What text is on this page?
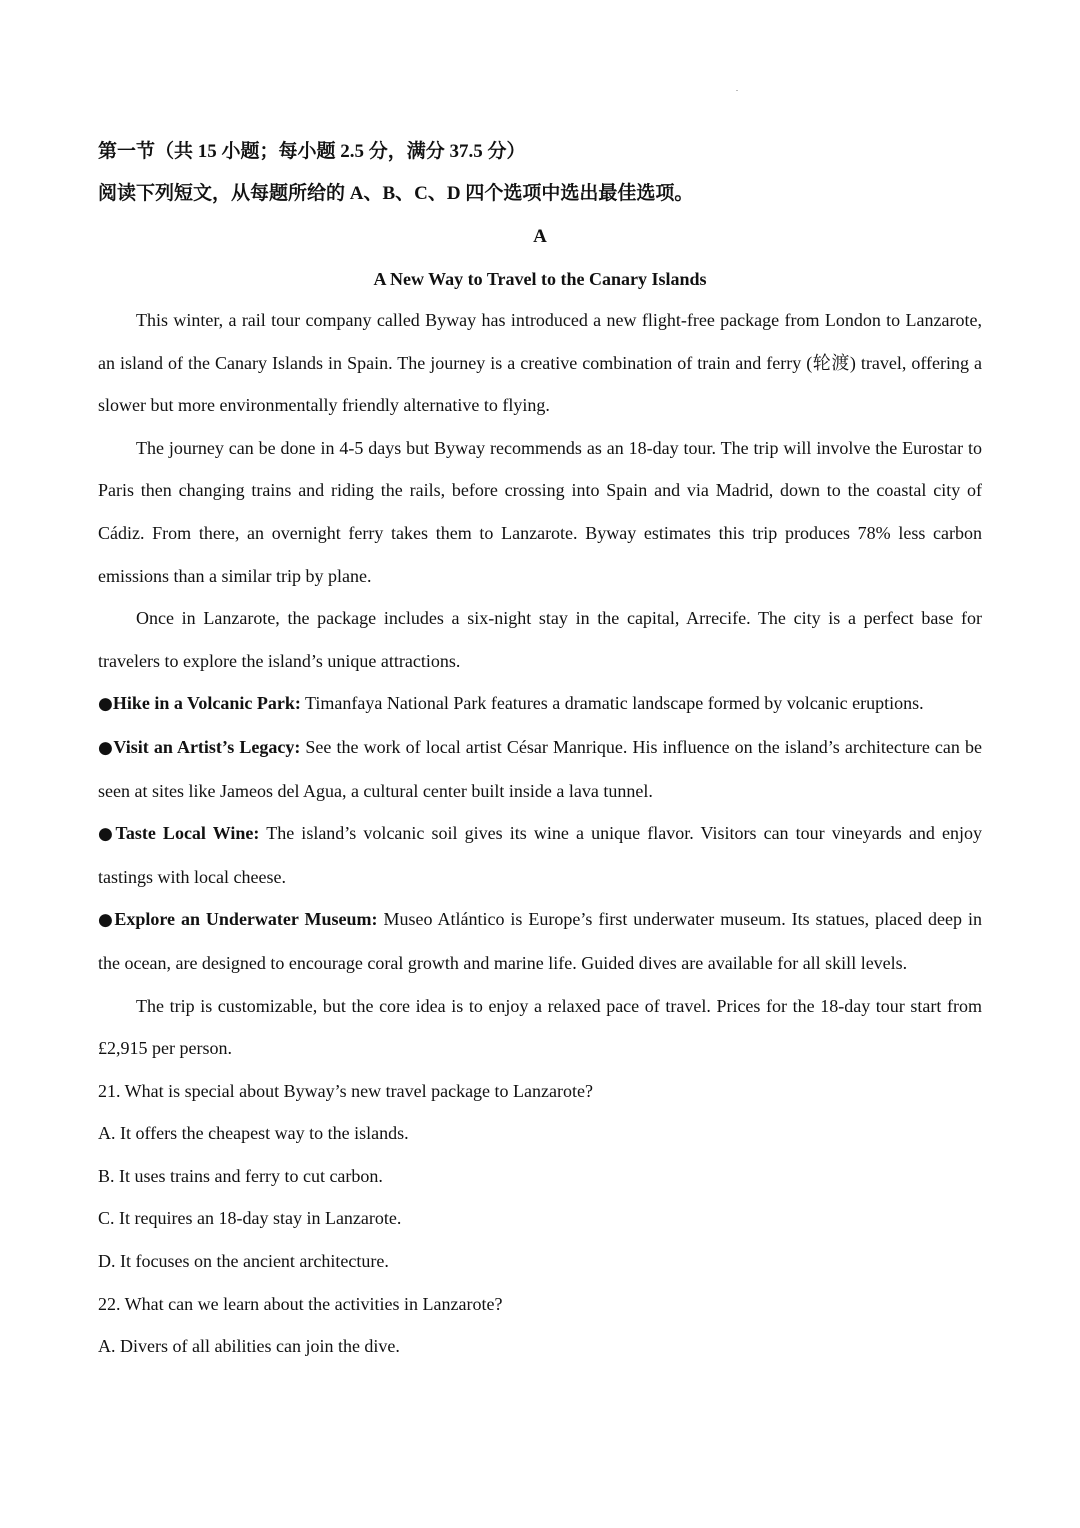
第一节（共 15 小题；每小题 2.5 分，满分 37.5 分）
阅读下列短文，从每题所给的 A、B、C、D 四个选项中选出最佳选项。
A
A New Way to Travel to the Canary Islands

This winter, a rail tour company called Byway has introduced a new flight-free package from London to Lanzarote, an island of the Canary Islands in Spain. The journey is a creative combination of train and ferry (轮渡) travel, offering a slower but more environmentally friendly alternative to flying.

The journey can be done in 4-5 days but Byway recommends as an 18-day tour. The trip will involve the Eurostar to Paris then changing trains and riding the rails, before crossing into Spain and via Madrid, down to the coastal city of Cádiz. From there, an overnight ferry takes them to Lanzarote. Byway estimates this trip produces 78% less carbon emissions than a similar trip by plane.

Once in Lanzarote, the package includes a six-night stay in the capital, Arrecife. The city is a perfect base for travelers to explore the island’s unique attractions.

●Hike in a Volcanic Park: Timanfaya National Park features a dramatic landscape formed by volcanic eruptions.

●Visit an Artist’s Legacy: See the work of local artist César Manrique. His influence on the island’s architecture can be seen at sites like Jameos del Agua, a cultural center built inside a lava tunnel.

●Taste Local Wine: The island’s volcanic soil gives its wine a unique flavor. Visitors can tour vineyards and enjoy tastings with local cheese.

●Explore an Underwater Museum: Museo Atlántico is Europe’s first underwater museum. Its statues, placed deep in the ocean, are designed to encourage coral growth and marine life. Guided dives are available for all skill levels.

The trip is customizable, but the core idea is to enjoy a relaxed pace of travel. Prices for the 18-day tour start from £2,915 per person.

21. What is special about Byway’s new travel package to Lanzarote?
A. It offers the cheapest way to the islands.
B. It uses trains and ferry to cut carbon.
C. It requires an 18-day stay in Lanzarote.
D. It focuses on the ancient architecture.
22. What can we learn about the activities in Lanzarote?
A. Divers of all abilities can join the dive.
